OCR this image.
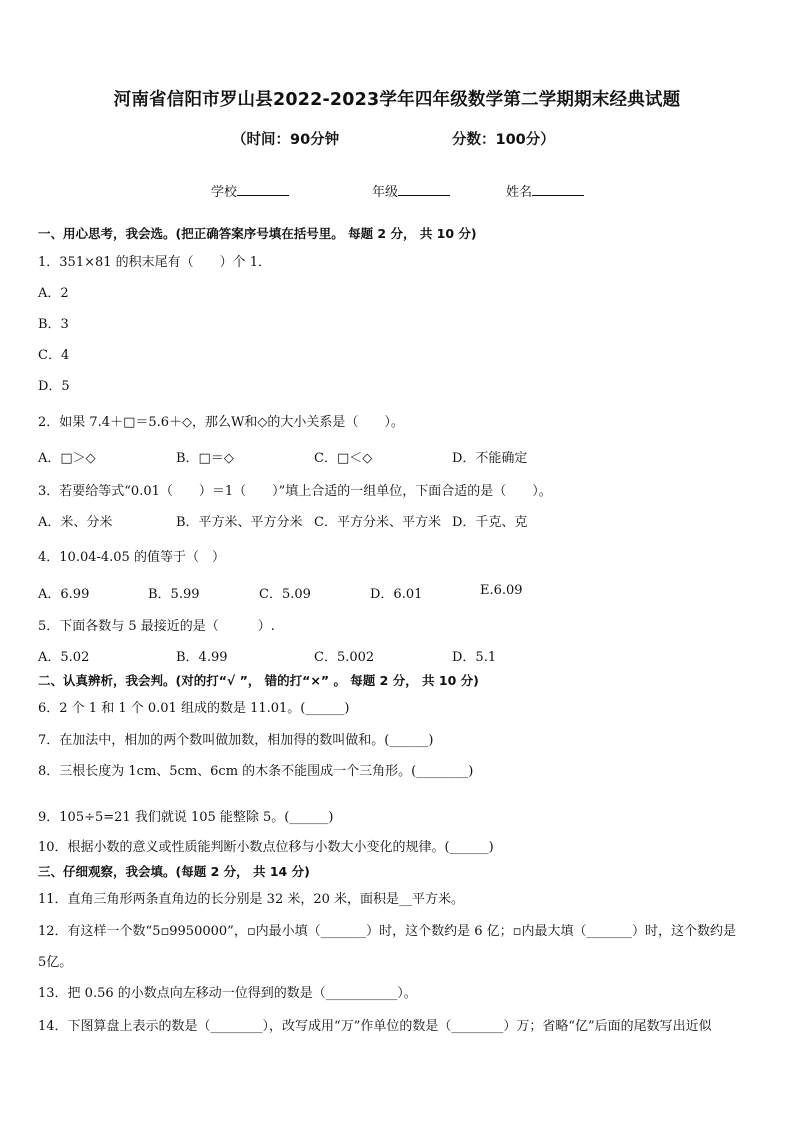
河南省信阳市罗山县2022-2023学年四年级数学第二学期期末经典试题
（时间：90分钟	分数：100分）
学校	年级	姓名
一、用心思考，我会选。(把正确答案序号填在括号里。 每题 2 分， 共 10 分)
1．351×81 的积末尾有（　　）个 1．
A．2
B．3
C．4
D．5
2．如果 7.4＋□＝5.6＋◇，那么W和◇的大小关系是（　　）。
A．□＞◇	B．□＝◇	C．□＜◇	D．不能确定
3．若要给等式“0.01（　　）＝1（　　）”填上合适的一组单位，下面合适的是（　　）。
A．米、分米	B．平方米、平方分米 C．平方分米、平方米 D．千克、克
4．10.04-4.05 的值等于（　）
A．6.99	B．5.99	C．5.09	D．6.01	E.6.09
5．下面各数与 5 最接近的是（　　　）.
A．5.02	B．4.99	C．5.002	D．5.1
二、认真辨析，我会判。(对的打“√ ”， 错的打“×” 。 每题 2 分， 共 10 分)
6．2 个 1 和 1 个 0.01 组成的数是 11.01。(______)
7．在加法中，相加的两个数叫做加数，相加得的数叫做和。(______)
8．三根长度为 1cm、5cm、6cm 的木条不能围成一个三角形。(________)
9．105÷5=21 我们就说 105 能整除 5。(______)
10．根据小数的意义或性质能判断小数点位移与小数大小变化的规律。(______)
三、仔细观察，我会填。(每题 2 分， 共 14 分)
11．直角三角形两条直角边的长分别是 32 米，20 米，面积是__平方米。
12．有这样一个数“5▫9950000”，▫内最小填（_______）时，这个数约是 6 亿；▫内最大填（_______）时，这个数约是
5亿。
13．把 0.56 的小数点向左移动一位得到的数是（___________）。
14．下图算盘上表示的数是（________），改写成用“万”作单位的数是（________）万；省略“亿”后面的尾数写出近似
